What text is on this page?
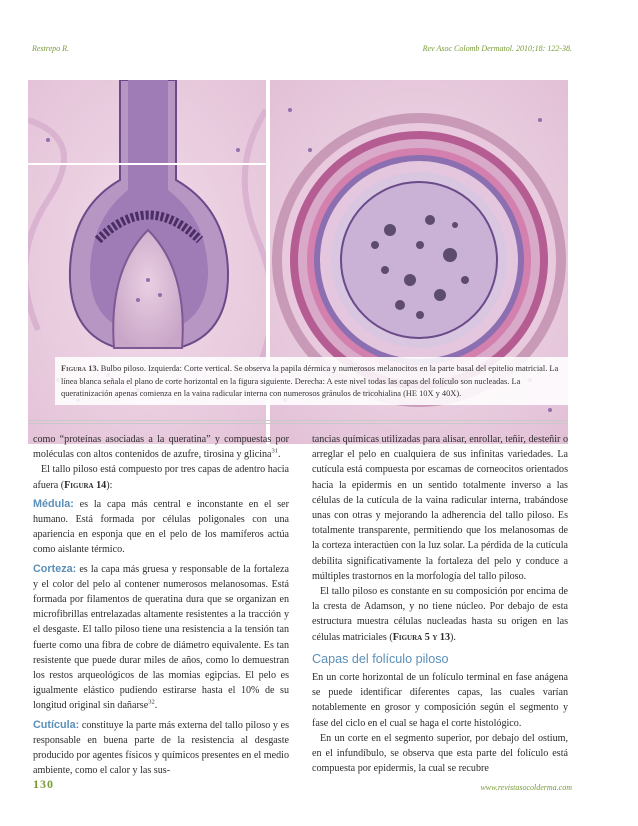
Restrepo R.	Rev Asoc Colomb Dermatol. 2010;18: 122-38.
Figura 13. Bulbo piloso. Izquierda: Corte vertical. Se observa la papila dérmica y numerosos melanocitos en la parte basal del epitelio matricial. La línea blanca señala el plano de corte horizontal en la figura siguiente. Derecha: A este nivel todas las capas del folículo son nucleadas. La queratinización apenas comienza en la vaina radicular interna con numerosos gránulos de tricohialina (HE 10X y 40X).

como “proteínas asociadas a la queratina” y compuestas por moléculas con altos contenidos de azufre, tirosina y glicina$^{31}$.

El tallo piloso está compuesto por tres capas de adentro hacia afuera (Figura 14):

Médula: es la capa más central e inconstante en el ser humano. Está formada por células poligonales con una apariencia en esponja que en el pelo de los mamíferos actúa como aislante térmico.

Corteza: es la capa más gruesa y responsable de la fortaleza y el color del pelo al contener numerosos melanosomas. Está formada por filamentos de queratina dura que se organizan en microfibrillas entrelazadas altamente resistentes a la tracción y el desgaste. El tallo piloso tiene una resistencia a la tensión tan fuerte como una fibra de cobre de diámetro equivalente. Es tan resistente que puede durar miles de años, como lo demuestran los restos arqueológicos de las momias egipcias. El pelo es igualmente elástico pudiendo estirarse hasta el 10% de su longitud original sin dañarse$^{32}$.

Cutícula: constituye la parte más externa del tallo piloso y es responsable en buena parte de la resistencia al desgaste producido por agentes físicos y químicos presentes en el medio ambiente, como el calor y las sus-

tancias químicas utilizadas para alisar, enrollar, teñir, desteñir o arreglar el pelo en cualquiera de sus infinitas variedades. La cutícula está compuesta por escamas de corneocitos orientados hacia la epidermis en un sentido totalmente inverso a las células de la cutícula de la vaina radicular interna, trabándose unas con otras y mejorando la adherencia del tallo piloso. Es totalmente transparente, permitiendo que los melanosomas de la corteza interactúen con la luz solar. La pérdida de la cutícula debilita significativamente la fortaleza del pelo y conduce a múltiples trastornos en la morfología del tallo piloso.

El tallo piloso es constante en su composición por encima de la cresta de Adamson, y no tiene núcleo. Por debajo de esta estructura muestra células nucleadas hasta su origen en las células matriciales (Figura 5 y 13).

Capas del folículo piloso

En un corte horizontal de un folículo terminal en fase anágena se puede identificar diferentes capas, las cuales varían notablemente en grosor y composición según el segmento y fase del ciclo en el cual se haga el corte histológico.

En un corte en el segmento superior, por debajo del ostium, en el infundíbulo, se observa que esta parte del folículo está compuesta por epidermis, la cual se recubre

130	www.revistasocolderma.com
